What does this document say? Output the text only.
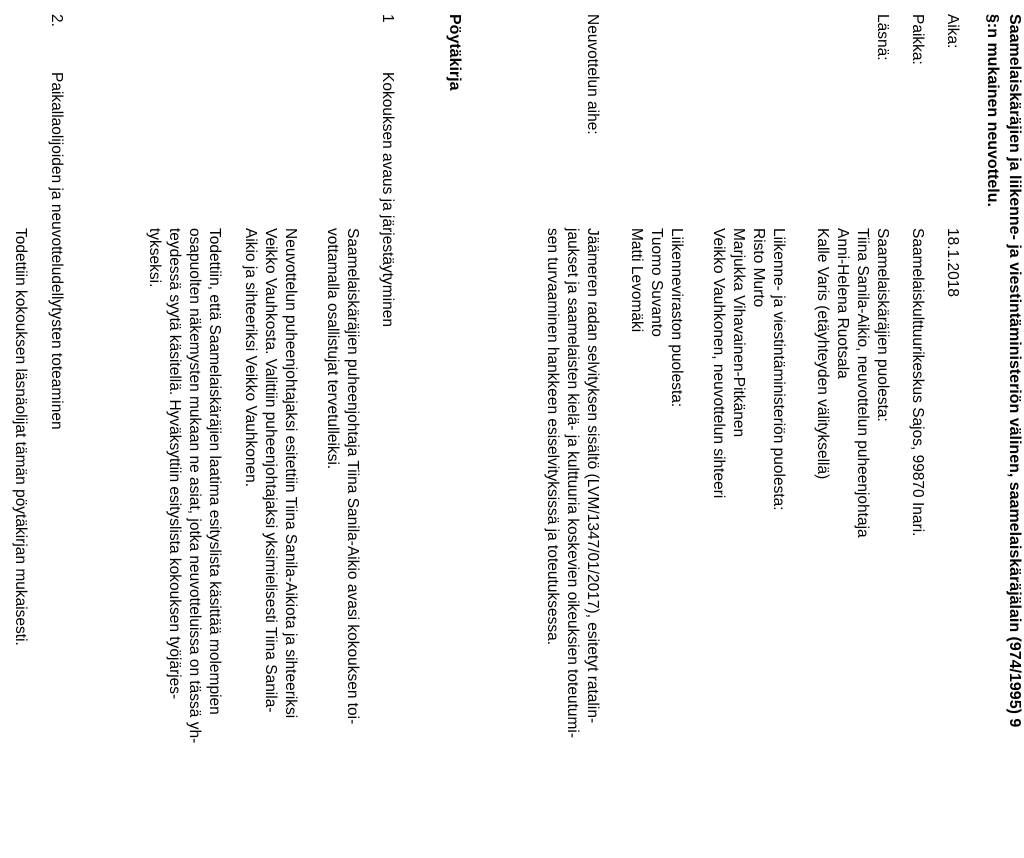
Saamelaiskäräjien ja liikenne- ja viestintäministeriön välinen, saamelaiskäräjälain (974/1995) 9
§:n mukainen neuvottelu.
Aika:
18.1.2018
Paikka:
Saamelaiskulttuurikeskus Sajos, 99870 Inari.
Läsnä:
Saamelaiskäräjien puolesta:
Tiina Sanila-Aikio, neuvottelun puheenjohtaja
Anni-Helena Ruotsala
Kalle Varis (etäyhteyden välityksellä)
Liikenne- ja viestintäministeriön puolesta:
Risto Murto
Marjukka Vihavainen-Pitkänen
Veikko Vauhkonen, neuvottelun sihteeri
Liikenneviraston puolesta:
Tuomo Suvanto
Matti Levomäki
Neuvottelun aihe:
Jäämeren radan selvityksen sisältö (LVM/1347/01/2017), esitetyt ratalin-
jaukset ja saamelaisten kielä- ja kulttuuria koskevien oikeuksien toteutumi-
sen turvaaminen hankkeen esiselvityksissä ja toteutuksessa.
Pöytäkirja
1
Kokouksen avaus ja järjestäytyminen
Saamelaiskäräjien puheenjohtaja Tiina Sanila-Aikio avasi kokouksen toi-
vottamalla osallistujat tervetulleiksi.
Neuvottelun puheenjohtajaksi esitettiin Tiina Sanila-Aikiota ja sihteeriksi
Veikko Vauhkosta. Valittiin puheenjohtajaksi yksimielisesti Tiina Sanila-
Aikio ja sihteeriksi Veikko Vauhkonen.
Todettiin, että Saamelaiskäräjien laatima esityslista käsittää molempien
osapuolten näkemysten mukaan ne asiat, jotka neuvotteluissa on tässä yh-
teydessä syytä käsitellä. Hyväksyttiin esityslista kokouksen työjärjes-
tykseksi.
2.
Paikallaolijoiden ja neuvotteludellytysten toteaminen
Todettiin kokouksen läsnäolijat tämän pöytäkirjan mukaisesti.
